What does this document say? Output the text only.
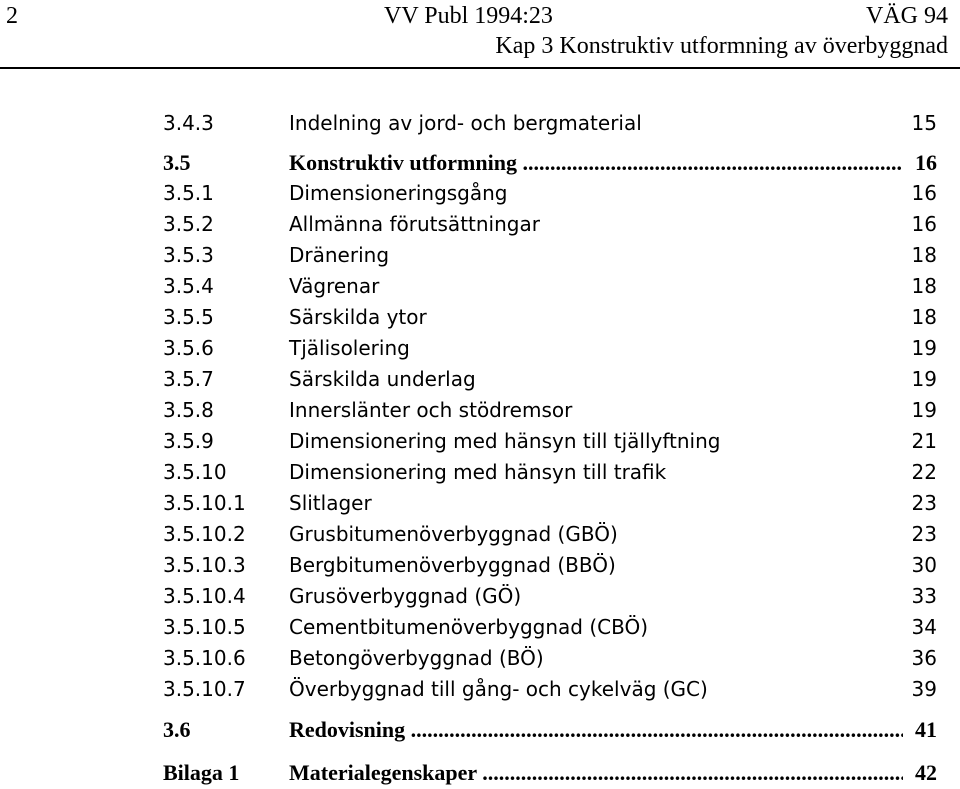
2	VV Publ 1994:23	VÄG 94
Kap 3 Konstruktiv utformning av överbyggnad
3.4.3	Indelning av jord- och bergmaterial	15
3.5	Konstruktiv utformning .....	16
3.5.1	Dimensioneringsgång	16
3.5.2	Allmänna förutsättningar	16
3.5.3	Dränering	18
3.5.4	Vägrenar	18
3.5.5	Särskilda ytor	18
3.5.6	Tjälisolering	19
3.5.7	Särskilda underlag	19
3.5.8	Innerslänter och stödremsor	19
3.5.9	Dimensionering med hänsyn till tjällyftning	21
3.5.10	Dimensionering med hänsyn till trafik	22
3.5.10.1 Slitlager	23
3.5.10.2 Grusbitumenöverbyggnad (GBÖ)	23
3.5.10.3 Bergbitumenöverbyggnad (BBÖ)	30
3.5.10.4 Grusöverbyggnad (GÖ)	33
3.5.10.5 Cementbitumenöverbyggnad (CBÖ)	34
3.5.10.6 Betongöverbyggnad (BÖ)	36
3.5.10.7 Överbyggnad till gång- och cykelväg (GC)	39
3.6	Redovisning .....	41
Bilaga 1 Materialegenskaper .....	42
